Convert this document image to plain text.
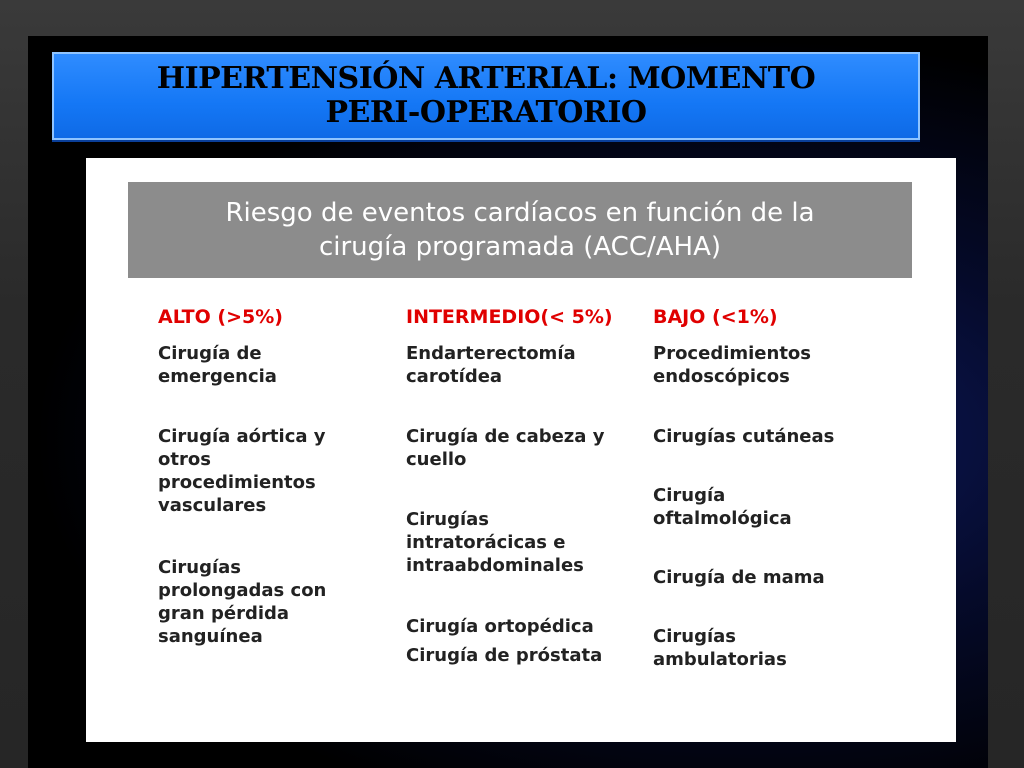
HIPERTENSIÓN ARTERIAL: MOMENTO
PERI-OPERATORIO
Riesgo de eventos cardíacos en función de la
cirugía programada (ACC/AHA)
ALTO (>5%)
Cirugía de emergencia
Cirugía aórtica y otros procedimientos vasculares
Cirugías prolongadas con gran pérdida sanguínea
INTERMEDIO(< 5%)
Endarterectomía carotídea
Cirugía de cabeza y cuello
Cirugías intratorácicas e intraabdominales
Cirugía ortopédica
Cirugía de próstata
BAJO (<1%)
Procedimientos endoscópicos
Cirugías cutáneas
Cirugía oftalmológica
Cirugía de mama
Cirugías ambulatorias
